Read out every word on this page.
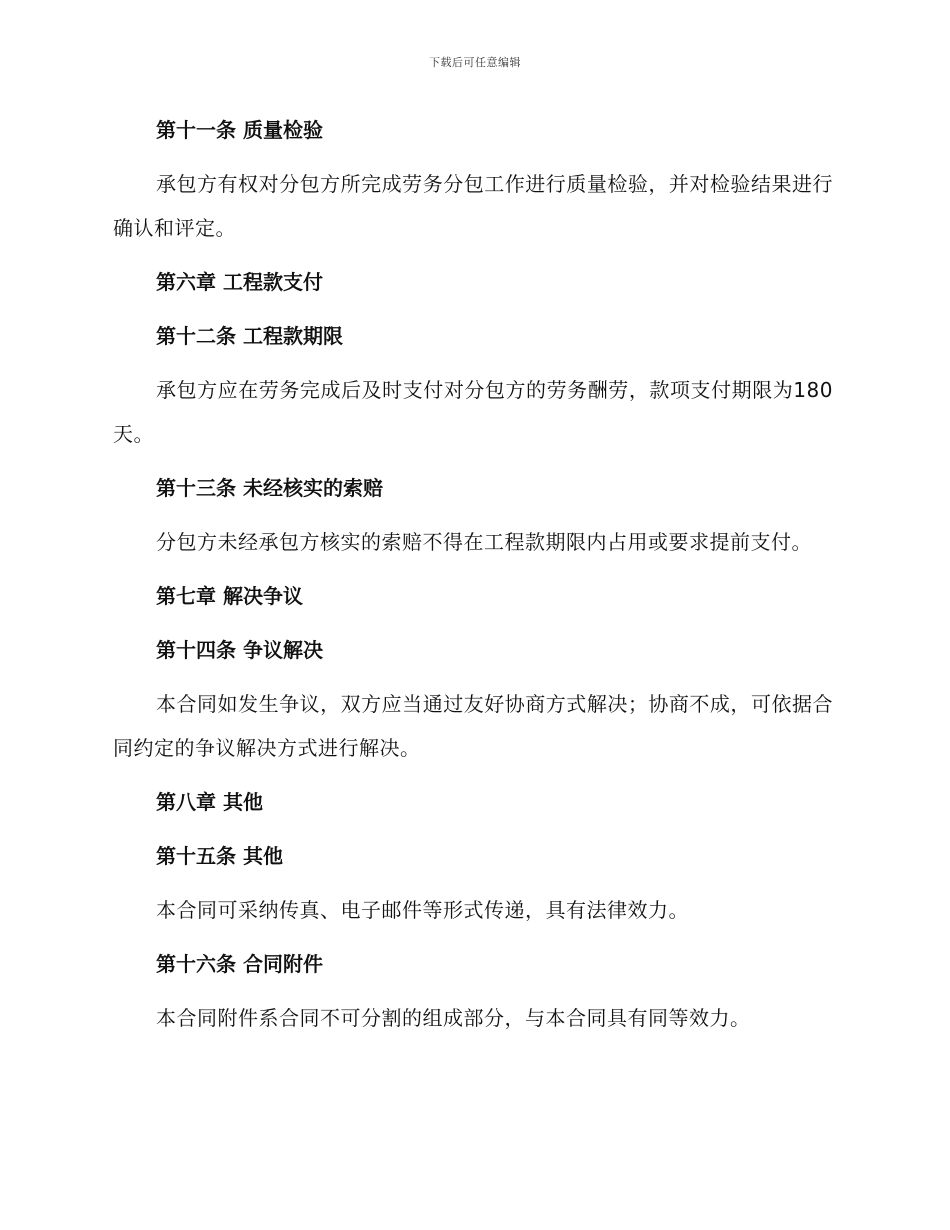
下载后可任意编辑
第十一条 质量检验
承包方有权对分包方所完成劳务分包工作进行质量检验，并对检验结果进行确认和评定。
第六章 工程款支付
第十二条 工程款期限
承包方应在劳务完成后及时支付对分包方的劳务酬劳，款项支付期限为180 天。
第十三条 未经核实的索赔
分包方未经承包方核实的索赔不得在工程款期限内占用或要求提前支付。
第七章 解决争议
第十四条 争议解决
本合同如发生争议，双方应当通过友好协商方式解决；协商不成，可依据合同约定的争议解决方式进行解决。
第八章 其他
第十五条 其他
本合同可采纳传真、电子邮件等形式传递，具有法律效力。
第十六条 合同附件
本合同附件系合同不可分割的组成部分，与本合同具有同等效力。
